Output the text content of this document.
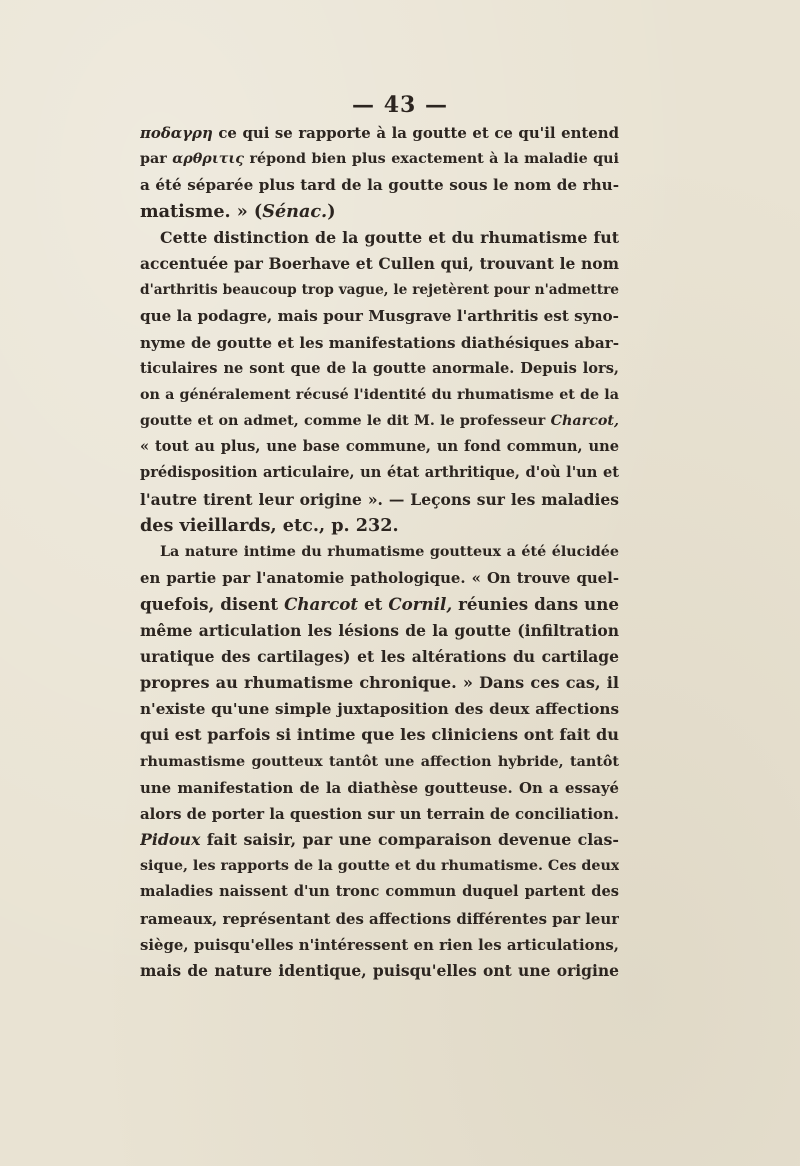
— 43 —
ποδαγρη ce qui se rapporte à la goutte et ce qu'il entend
par αρθριτις répond bien plus exactement à la maladie qui
a été séparée plus tard de la goutte sous le nom de rhu-
matisme. » (Sénac.)
Cette distinction de la goutte et du rhumatisme fut
accentuée par Boerhave et Cullen qui, trouvant le nom
d'arthritis beaucoup trop vague, le rejetèrent pour n'admettre
que la podagre, mais pour Musgrave l'arthritis est syno-
nyme de goutte et les manifestations diathésiques abar-
ticulaires ne sont que de la goutte anormale. Depuis lors,
on a généralement récusé l'identité du rhumatisme et de la
goutte et on admet, comme le dit M. le professeur Charcot,
« tout au plus, une base commune, un fond commun, une
prédisposition articulaire, un état arthritique, d'où l'un et
l'autre tirent leur origine ». — Leçons sur les maladies
des vieillards, etc., p. 232.
La nature intime du rhumatisme goutteux a été élucidée
en partie par l'anatomie pathologique. « On trouve quel-
quefois, disent Charcot et Cornil, réunies dans une
même articulation les lésions de la goutte (infiltration
uratique des cartilages) et les altérations du cartilage
propres au rhumatisme chronique. » Dans ces cas, il
n'existe qu'une simple juxtaposition des deux affections
qui est parfois si intime que les cliniciens ont fait du
rhumastisme goutteux tantôt une affection hybride, tantôt
une manifestation de la diathèse goutteuse. On a essayé
alors de porter la question sur un terrain de conciliation.
Pidoux fait saisir, par une comparaison devenue clas-
sique, les rapports de la goutte et du rhumatisme. Ces deux
maladies naissent d'un tronc commun duquel partent des
rameaux, représentant des affections différentes par leur
siège, puisqu'elles n'intéressent en rien les articulations,
mais de nature identique, puisqu'elles ont une origine
